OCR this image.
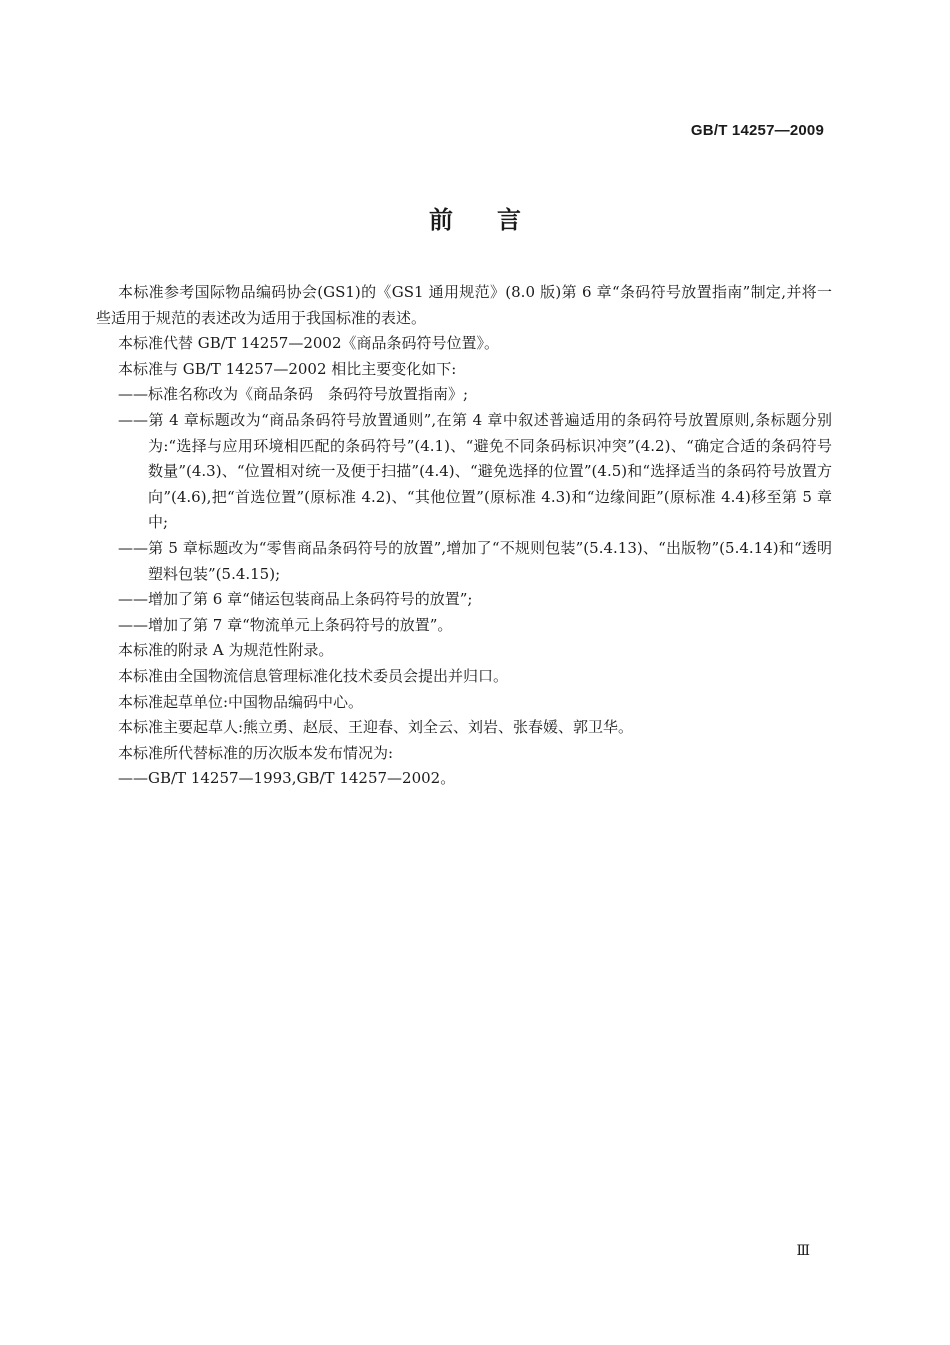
GB/T 14257—2009
前言

本标准参考国际物品编码协会(GS1)的《GS1 通用规范》(8.0 版)第 6 章“条码符号放置指南”制定,并将一些适用于规范的表述改为适用于我国标准的表述。

本标准代替 GB/T 14257—2002《商品条码符号位置》。

本标准与 GB/T 14257—2002 相比主要变化如下:

——标准名称改为《商品条码　条码符号放置指南》;

——第 4 章标题改为“商品条码符号放置通则”,在第 4 章中叙述普遍适用的条码符号放置原则,条标题分别为:“选择与应用环境相匹配的条码符号”(4.1)、“避免不同条码标识冲突”(4.2)、“确定合适的条码符号数量”(4.3)、“位置相对统一及便于扫描”(4.4)、“避免选择的位置”(4.5)和“选择适当的条码符号放置方向”(4.6),把“首选位置”(原标准 4.2)、“其他位置”(原标准 4.3)和“边缘间距”(原标准 4.4)移至第 5 章中;

——第 5 章标题改为“零售商品条码符号的放置”,增加了“不规则包装”(5.4.13)、“出版物”(5.4.14)和“透明塑料包装”(5.4.15);

——增加了第 6 章“储运包装商品上条码符号的放置”;

——增加了第 7 章“物流单元上条码符号的放置”。

本标准的附录 A 为规范性附录。

本标准由全国物流信息管理标准化技术委员会提出并归口。

本标准起草单位:中国物品编码中心。

本标准主要起草人:熊立勇、赵辰、王迎春、刘全云、刘岩、张春媛、郭卫华。

本标准所代替标准的历次版本发布情况为:

——GB/T 14257—1993,GB/T 14257—2002。

Ⅲ
